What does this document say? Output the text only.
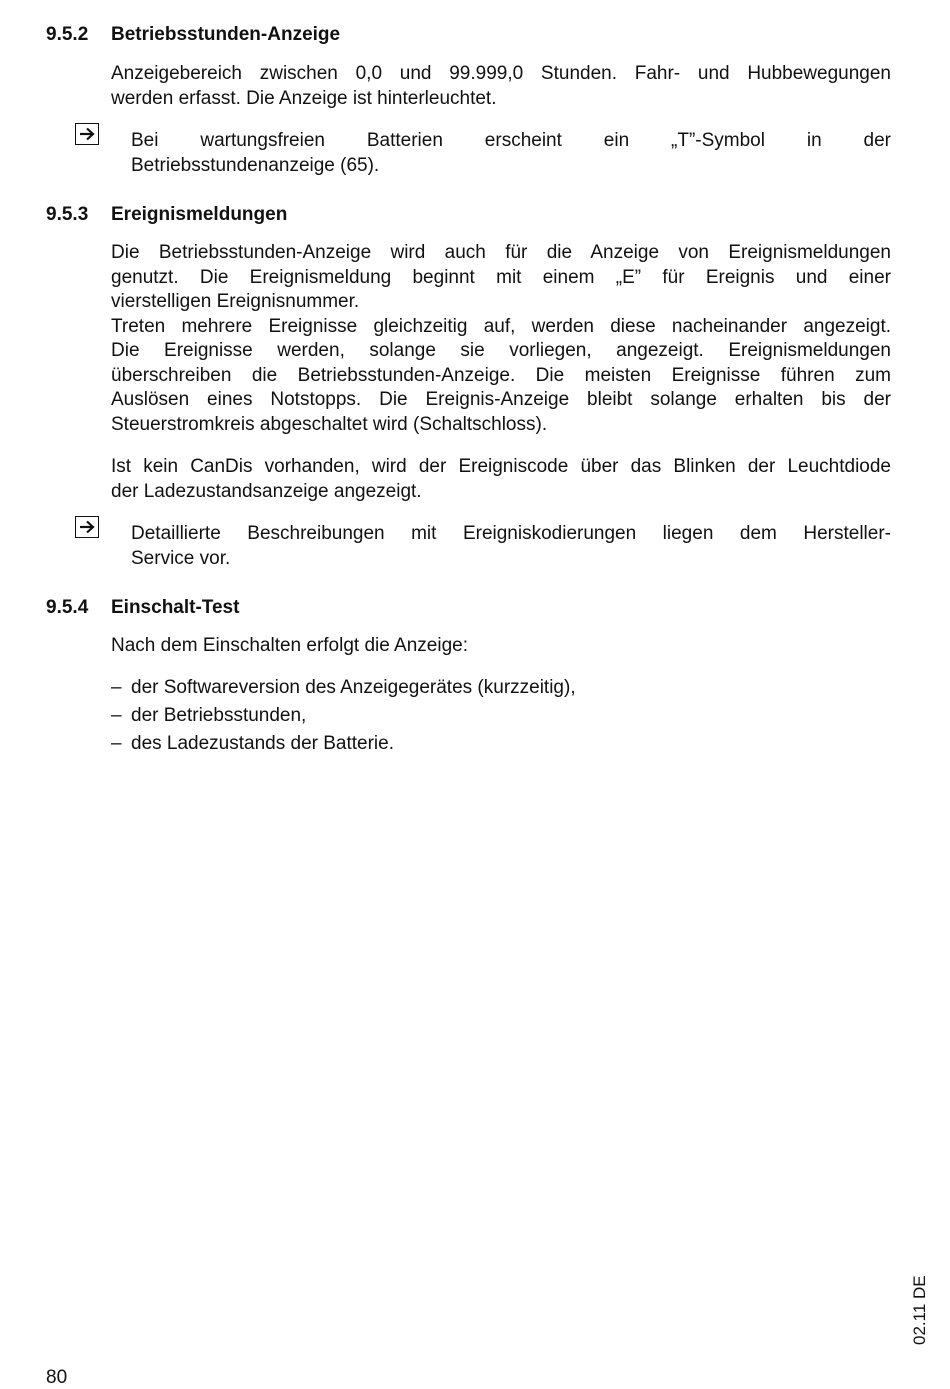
9.5.2 Betriebsstunden-Anzeige
Anzeigebereich zwischen 0,0 und 99.999,0 Stunden. Fahr- und Hubbewegungen
werden erfasst. Die Anzeige ist hinterleuchtet.
Bei wartungsfreien Batterien erscheint ein „T”-Symbol in der
Betriebsstundenanzeige (65).
9.5.3 Ereignismeldungen
Die Betriebsstunden-Anzeige wird auch für die Anzeige von Ereignismeldungen
genutzt. Die Ereignismeldung beginnt mit einem „E” für Ereignis und einer
vierstelligen Ereignisnummer.
Treten mehrere Ereignisse gleichzeitig auf, werden diese nacheinander angezeigt.
Die Ereignisse werden, solange sie vorliegen, angezeigt. Ereignismeldungen
überschreiben die Betriebsstunden-Anzeige. Die meisten Ereignisse führen zum
Auslösen eines Notstopps. Die Ereignis-Anzeige bleibt solange erhalten bis der
Steuerstromkreis abgeschaltet wird (Schaltschloss).
Ist kein CanDis vorhanden, wird der Ereigniscode über das Blinken der Leuchtdiode
der Ladezustandsanzeige angezeigt.
Detaillierte Beschreibungen mit Ereigniskodierungen liegen dem Hersteller-
Service vor.
9.5.4 Einschalt-Test
Nach dem Einschalten erfolgt die Anzeige:
– der Softwareversion des Anzeigegerätes (kurzzeitig),
– der Betriebsstunden,
– des Ladezustands der Batterie.
80
02.11 DE
